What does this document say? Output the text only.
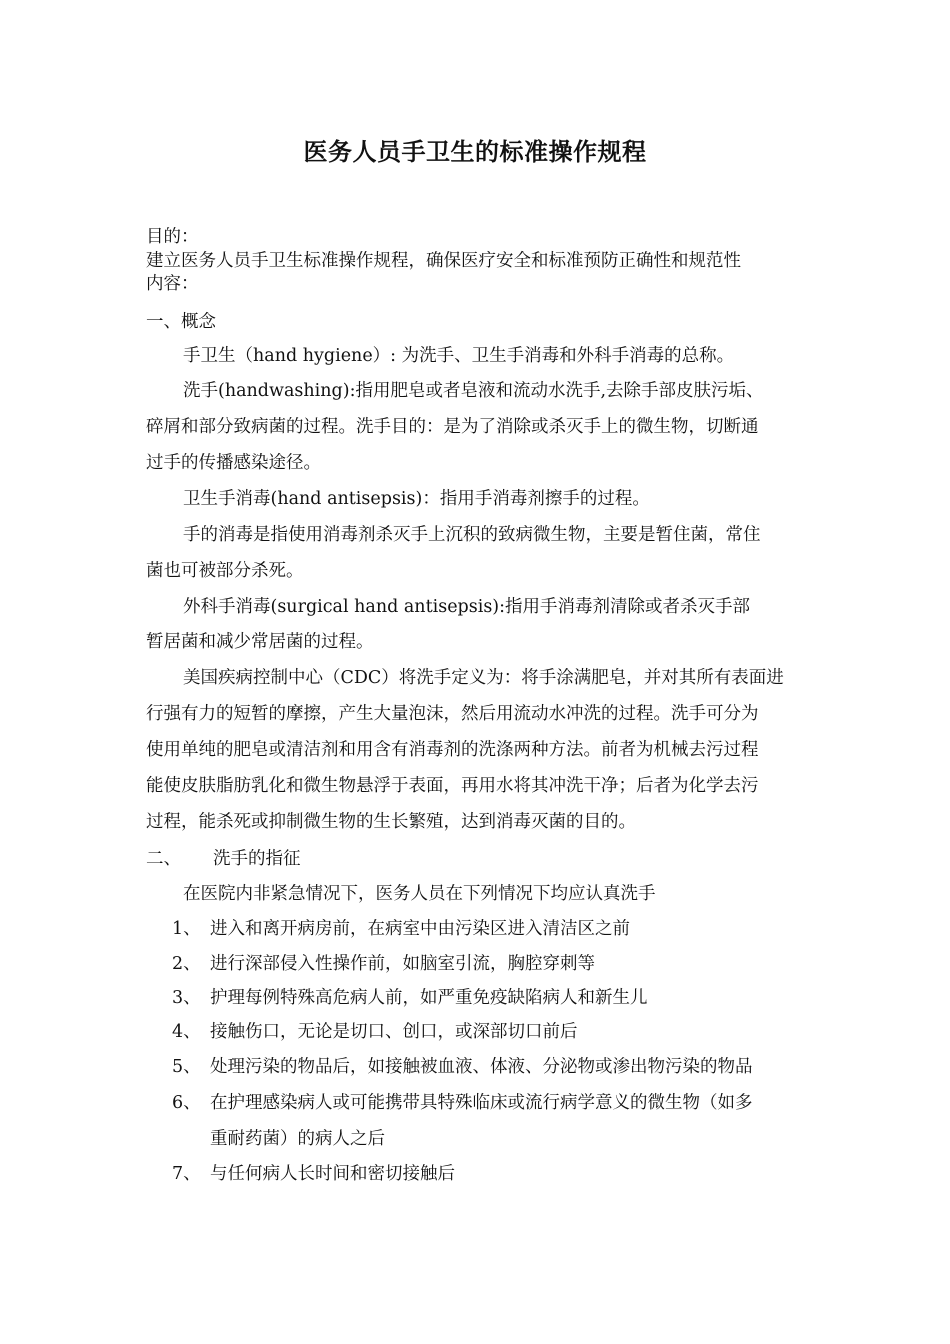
医务人员手卫生的标准操作规程
目的：
建立医务人员手卫生标准操作规程，确保医疗安全和标准预防正确性和规范性
内容：
一、概念
手卫生（hand hygiene）: 为洗手、卫生手消毒和外科手消毒的总称。
洗手(handwashing):指用肥皂或者皂液和流动水洗手,去除手部皮肤污垢、
碎屑和部分致病菌的过程。洗手目的：是为了消除或杀灭手上的微生物，切断通
过手的传播感染途径。
卫生手消毒(hand antisepsis)：指用手消毒剂擦手的过程。
手的消毒是指使用消毒剂杀灭手上沉积的致病微生物，主要是暂住菌，常住
菌也可被部分杀死。
外科手消毒(surgical hand antisepsis):指用手消毒剂清除或者杀灭手部
暂居菌和减少常居菌的过程。
美国疾病控制中心（CDC）将洗手定义为：将手涂满肥皂，并对其所有表面进
行强有力的短暂的摩擦，产生大量泡沫，然后用流动水冲洗的过程。洗手可分为
使用单纯的肥皂或清洁剂和用含有消毒剂的洗涤两种方法。前者为机械去污过程
能使皮肤脂肪乳化和微生物悬浮于表面，再用水将其冲洗干净；后者为化学去污
过程，能杀死或抑制微生物的生长繁殖，达到消毒灭菌的目的。
二、 洗手的指征
在医院内非紧急情况下，医务人员在下列情况下均应认真洗手
1、 进入和离开病房前，在病室中由污染区进入清洁区之前
2、 进行深部侵入性操作前，如脑室引流，胸腔穿刺等
3、 护理每例特殊高危病人前，如严重免疫缺陷病人和新生儿
4、 接触伤口，无论是切口、创口，或深部切口前后
5、 处理污染的物品后，如接触被血液、体液、分泌物或渗出物污染的物品
6、 在护理感染病人或可能携带具特殊临床或流行病学意义的微生物（如多
重耐药菌）的病人之后
7、 与任何病人长时间和密切接触后
